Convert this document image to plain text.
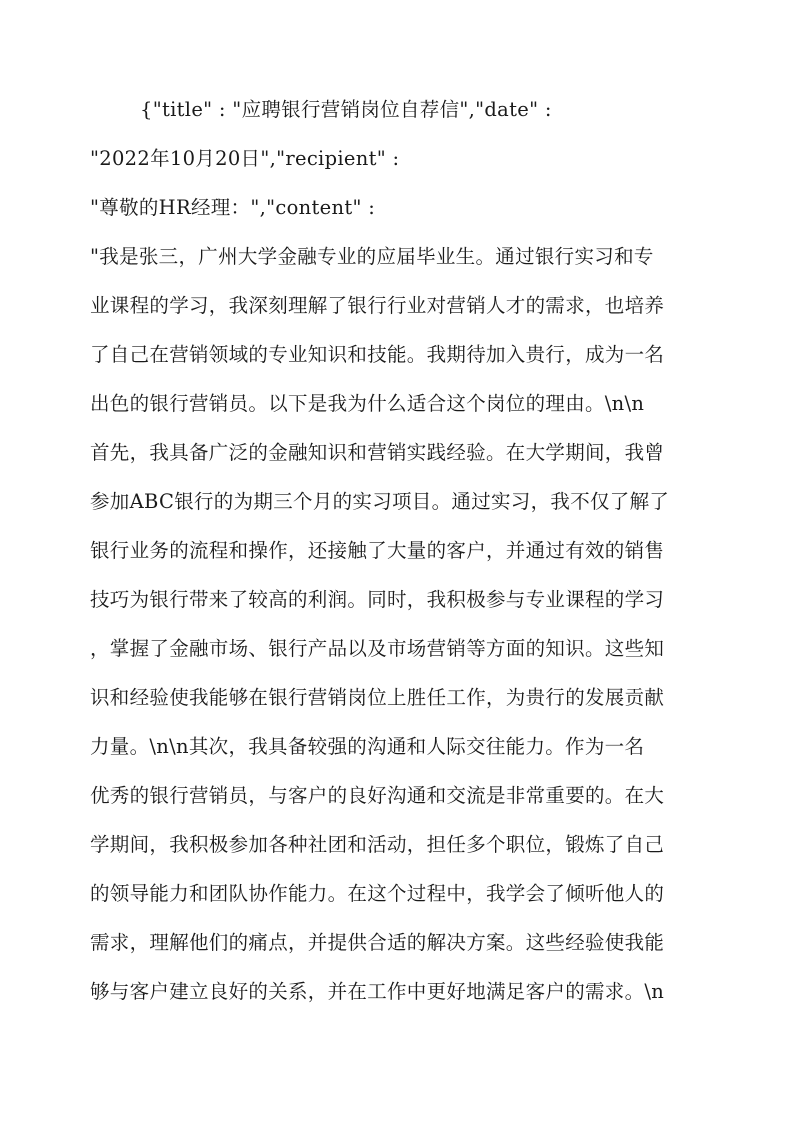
{"title" : "应聘银行营销岗位自荐信","date" :
"2022年10月20日","recipient" :
"尊敬的HR经理：","content" :
"我是张三，广州大学金融专业的应届毕业生。通过银行实习和专
业课程的学习，我深刻理解了银行行业对营销人才的需求，也培养
了自己在营销领域的专业知识和技能。我期待加入贵行，成为一名
出色的银行营销员。以下是我为什么适合这个岗位的理由。\n\n
首先，我具备广泛的金融知识和营销实践经验。在大学期间，我曾
参加ABC银行的为期三个月的实习项目。通过实习，我不仅了解了
银行业务的流程和操作，还接触了大量的客户，并通过有效的销售
技巧为银行带来了较高的利润。同时，我积极参与专业课程的学习
，掌握了金融市场、银行产品以及市场营销等方面的知识。这些知
识和经验使我能够在银行营销岗位上胜任工作，为贵行的发展贡献
力量。\n\n其次，我具备较强的沟通和人际交往能力。作为一名
优秀的银行营销员，与客户的良好沟通和交流是非常重要的。在大
学期间，我积极参加各种社团和活动，担任多个职位，锻炼了自己
的领导能力和团队协作能力。在这个过程中，我学会了倾听他人的
需求，理解他们的痛点，并提供合适的解决方案。这些经验使我能
够与客户建立良好的关系，并在工作中更好地满足客户的需求。\n
